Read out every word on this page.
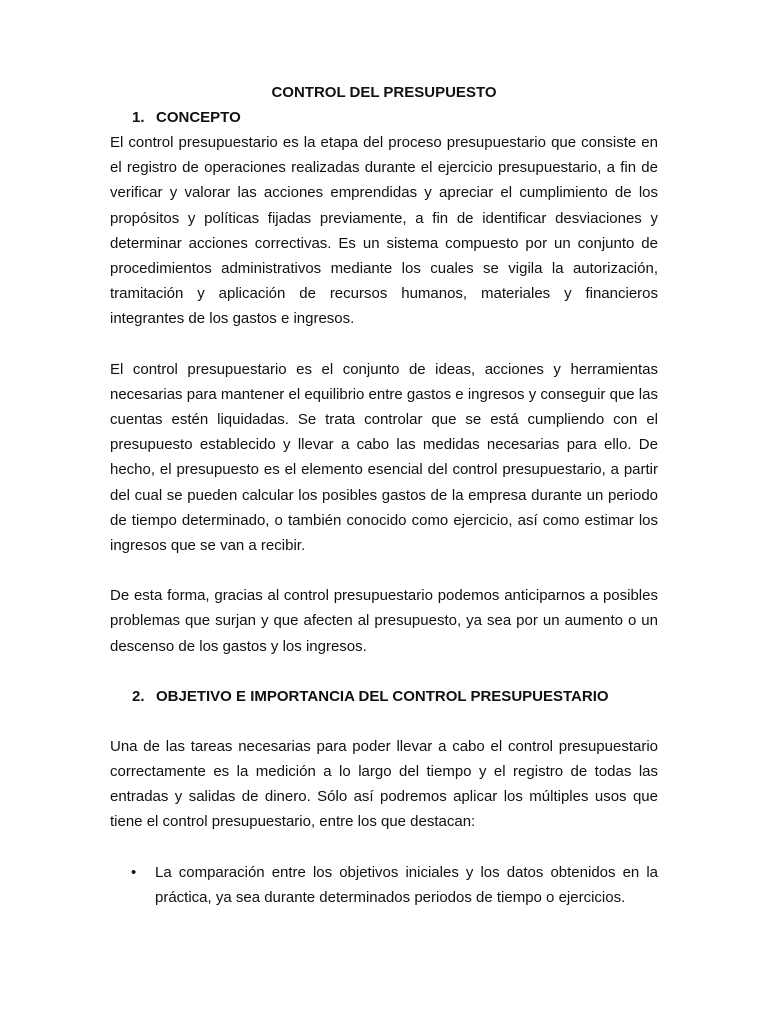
CONTROL DEL PRESUPUESTO

1. CONCEPTO

El control presupuestario es la etapa del proceso presupuestario que consiste en el registro de operaciones realizadas durante el ejercicio presupuestario, a fin de verificar y valorar las acciones emprendidas y apreciar el cumplimiento de los propósitos y políticas fijadas previamente, a fin de identificar desviaciones y determinar acciones correctivas. Es un sistema compuesto por un conjunto de procedimientos administrativos mediante los cuales se vigila la autorización, tramitación y aplicación de recursos humanos, materiales y financieros integrantes de los gastos e ingresos.

El control presupuestario es el conjunto de ideas, acciones y herramientas necesarias para mantener el equilibrio entre gastos e ingresos y conseguir que las cuentas estén liquidadas. Se trata controlar que se está cumpliendo con el presupuesto establecido y llevar a cabo las medidas necesarias para ello. De hecho, el presupuesto es el elemento esencial del control presupuestario, a partir del cual se pueden calcular los posibles gastos de la empresa durante un periodo de tiempo determinado, o también conocido como ejercicio, así como estimar los ingresos que se van a recibir.

De esta forma, gracias al control presupuestario podemos anticiparnos a posibles problemas que surjan y que afecten al presupuesto, ya sea por un aumento o un descenso de los gastos y los ingresos.

2. OBJETIVO E IMPORTANCIA DEL CONTROL PRESUPUESTARIO

Una de las tareas necesarias para poder llevar a cabo el control presupuestario correctamente es la medición a lo largo del tiempo y el registro de todas las entradas y salidas de dinero. Sólo así podremos aplicar los múltiples usos que tiene el control presupuestario, entre los que destacan:

• La comparación entre los objetivos iniciales y los datos obtenidos en la práctica, ya sea durante determinados periodos de tiempo o ejercicios.
